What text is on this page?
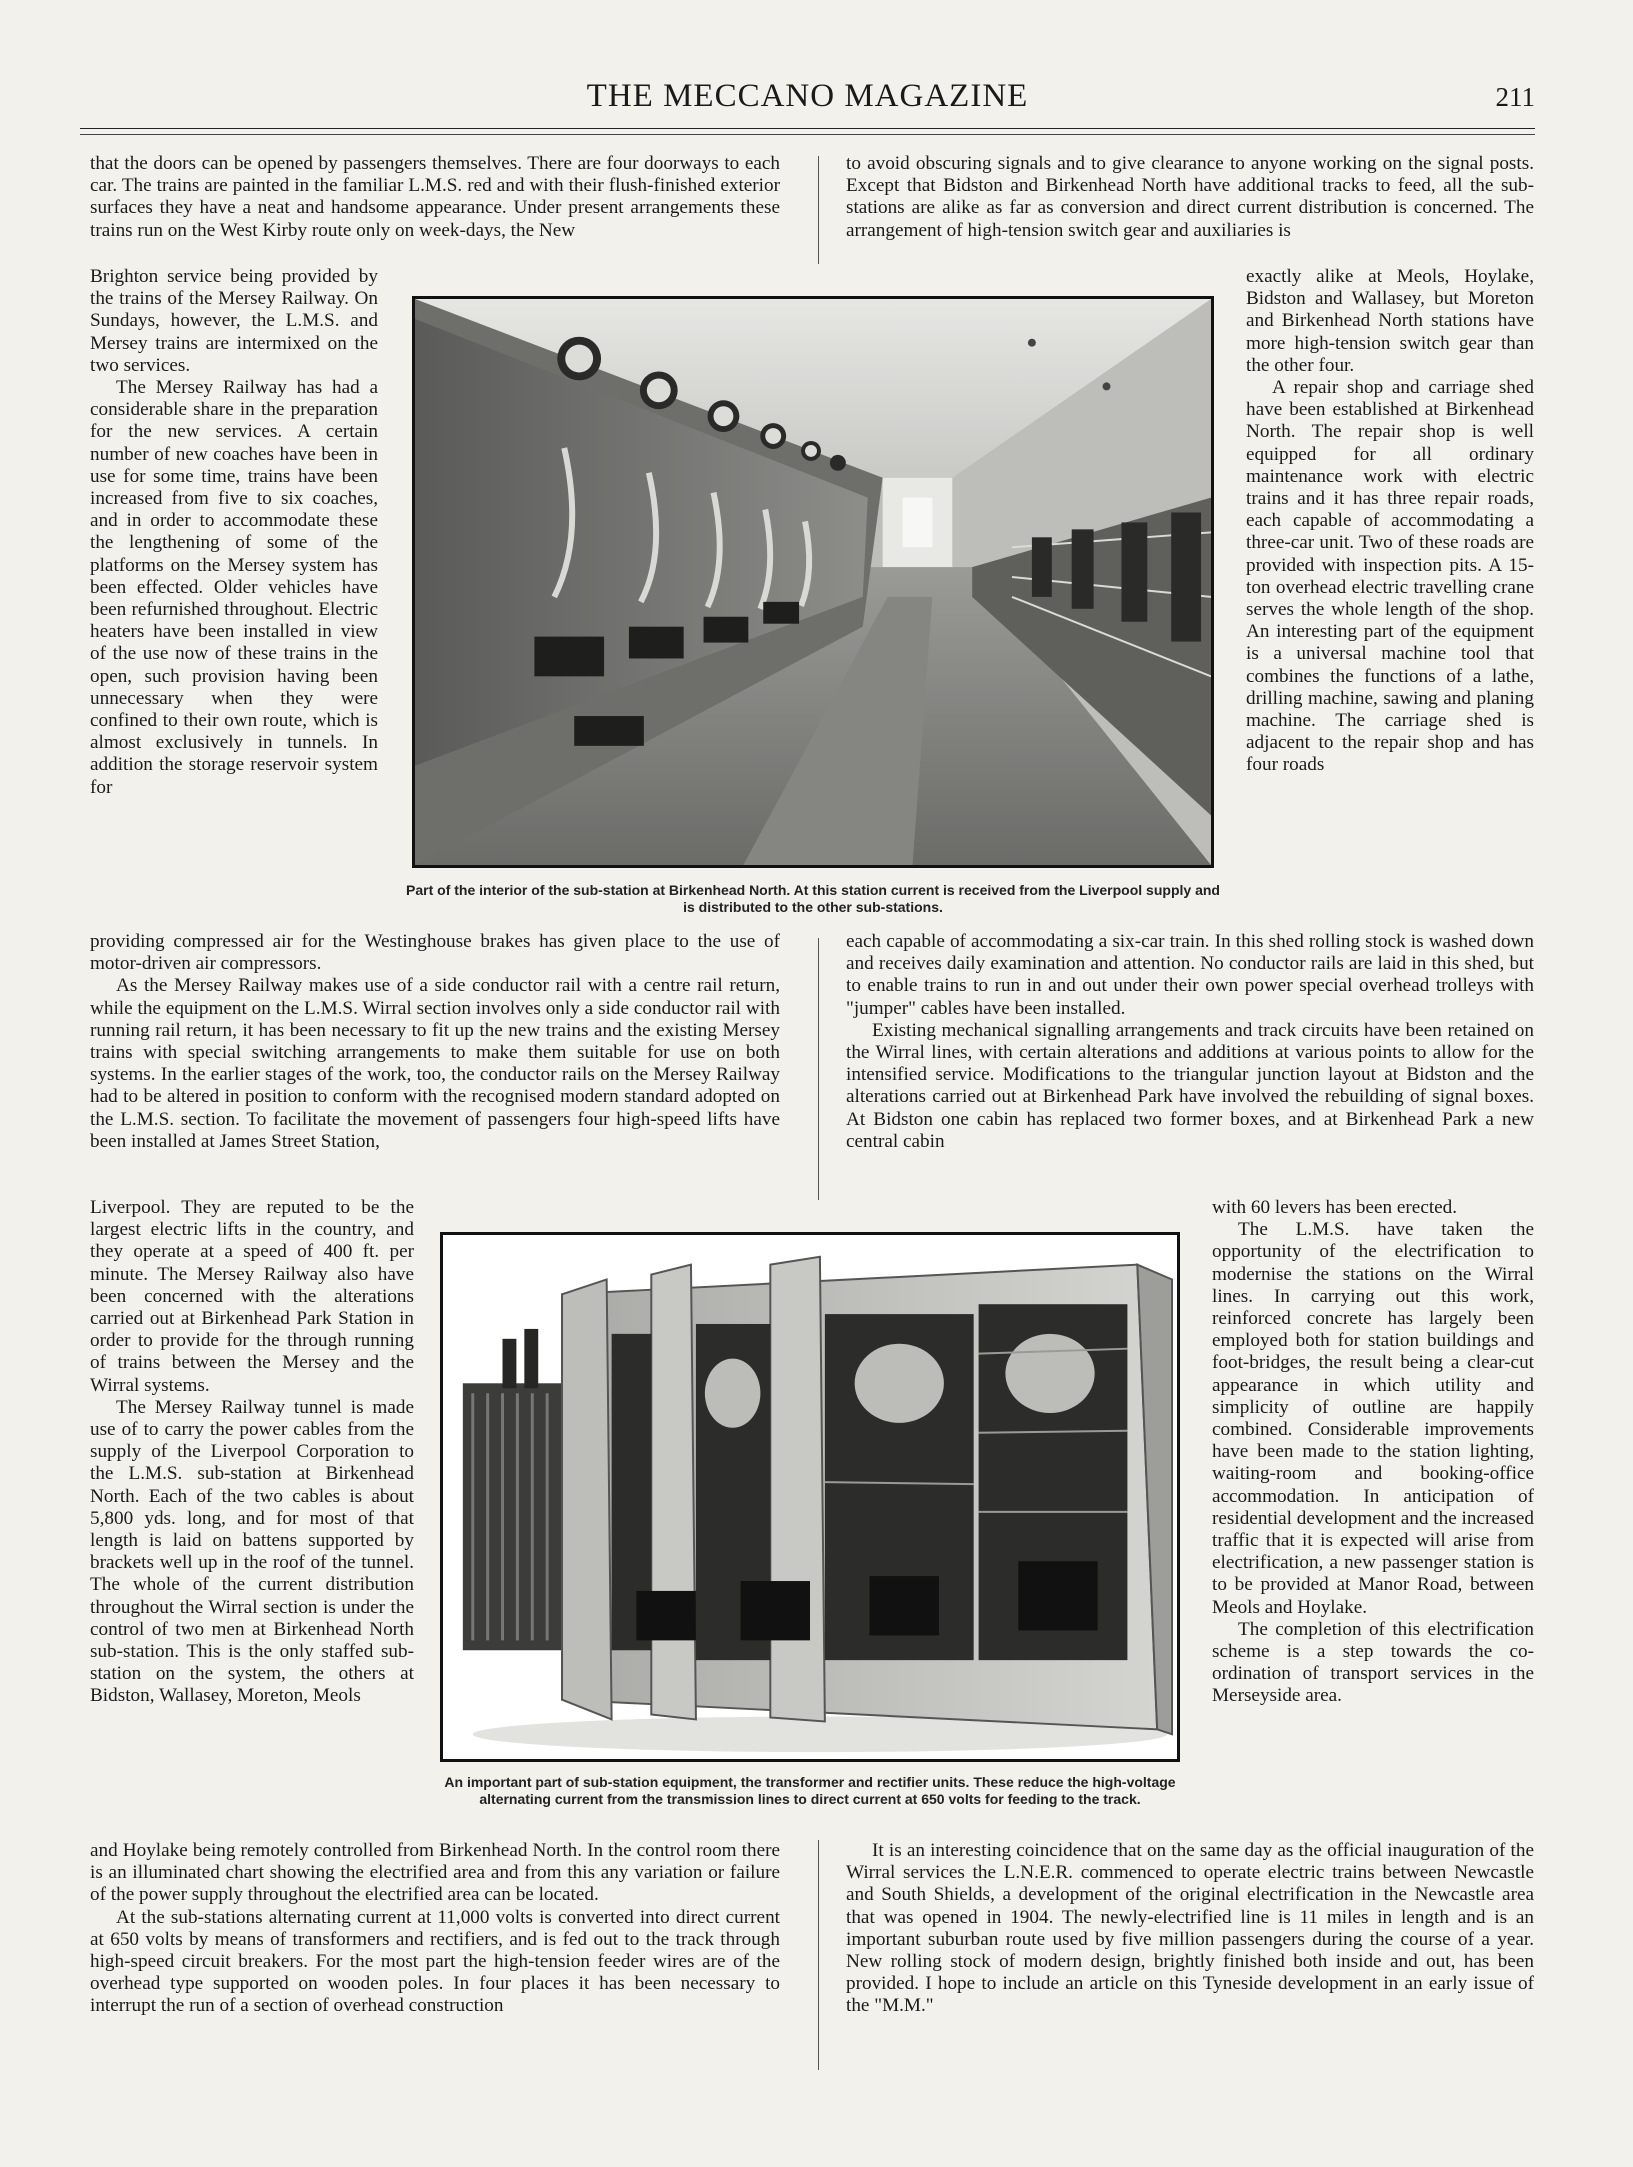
THE MECCANO MAGAZINE	211

that the doors can be opened by passengers themselves. There are four doorways to each car. The trains are painted in the familiar L.M.S. red and with their flush-finished exterior surfaces they have a neat and handsome appearance. Under present arrangements these trains run on the West Kirby route only on week-days, the New

Brighton service being provided by the trains of the Mersey Railway. On Sundays, however, the L.M.S. and Mersey trains are intermixed on the two services.

The Mersey Railway has had a considerable share in the preparation for the new services. A certain number of new coaches have been in use for some time, trains have been increased from five to six coaches, and in order to accommodate these the lengthening of some of the platforms on the Mersey system has been effected. Older vehicles have been refurnished throughout. Electric heaters have been installed in view of the use now of these trains in the open, such provision having been unnecessary when they were confined to their own route, which is almost exclusively in tunnels. In addition the storage reservoir system for

providing compressed air for the Westinghouse brakes has given place to the use of motor-driven air compressors.

As the Mersey Railway makes use of a side conductor rail with a centre rail return, while the equipment on the L.M.S. Wirral section involves only a side conductor rail with running rail return, it has been necessary to fit up the new trains and the existing Mersey trains with special switching arrangements to make them suitable for use on both systems. In the earlier stages of the work, too, the conductor rails on the Mersey Railway had to be altered in position to conform with the recognised modern standard adopted on the L.M.S. section. To facilitate the movement of passengers four high-speed lifts have been installed at James Street Station,

Liverpool. They are reputed to be the largest electric lifts in the country, and they operate at a speed of 400 ft. per minute. The Mersey Railway also have been concerned with the alterations carried out at Birkenhead Park Station in order to provide for the through running of trains between the Mersey and the Wirral systems.

The Mersey Railway tunnel is made use of to carry the power cables from the supply of the Liverpool Corporation to the L.M.S. sub-station at Birkenhead North. Each of the two cables is about 5,800 yds. long, and for most of that length is laid on battens supported by brackets well up in the roof of the tunnel. The whole of the current distribution throughout the Wirral section is under the control of two men at Birkenhead North sub-station. This is the only staffed sub-station on the system, the others at Bidston, Wallasey, Moreton, Meols

and Hoylake being remotely controlled from Birkenhead North. In the control room there is an illuminated chart showing the electrified area and from this any variation or failure of the power supply throughout the electrified area can be located.

At the sub-stations alternating current at 11,000 volts is converted into direct current at 650 volts by means of transformers and rectifiers, and is fed out to the track through high-speed circuit breakers. For the most part the high-tension feeder wires are of the overhead type supported on wooden poles. In four places it has been necessary to interrupt the run of a section of overhead construction

to avoid obscuring signals and to give clearance to anyone working on the signal posts. Except that Bidston and Birkenhead North have additional tracks to feed, all the sub-stations are alike as far as conversion and direct current distribution is concerned. The arrangement of high-tension switch gear and auxiliaries is

exactly alike at Meols, Hoylake, Bidston and Wallasey, but Moreton and Birkenhead North stations have more high-tension switch gear than the other four.

A repair shop and carriage shed have been established at Birkenhead North. The repair shop is well equipped for all ordinary maintenance work with electric trains and it has three repair roads, each capable of accommodating a three-car unit. Two of these roads are provided with inspection pits. A 15-ton overhead electric travelling crane serves the whole length of the shop. An interesting part of the equipment is a universal machine tool that combines the functions of a lathe, drilling machine, sawing and planing machine. The carriage shed is adjacent to the repair shop and has four roads

each capable of accommodating a six-car train. In this shed rolling stock is washed down and receives daily examination and attention. No conductor rails are laid in this shed, but to enable trains to run in and out under their own power special overhead trolleys with "jumper" cables have been installed.

Existing mechanical signalling arrangements and track circuits have been retained on the Wirral lines, with certain alterations and additions at various points to allow for the intensified service. Modifications to the triangular junction layout at Bidston and the alterations carried out at Birkenhead Park have involved the rebuilding of signal boxes. At Bidston one cabin has replaced two former boxes, and at Birkenhead Park a new central cabin

with 60 levers has been erected.

The L.M.S. have taken the opportunity of the electrification to modernise the stations on the Wirral lines. In carrying out this work, reinforced concrete has largely been employed both for station buildings and foot-bridges, the result being a clear-cut appearance in which utility and simplicity of outline are happily combined. Considerable improvements have been made to the station lighting, waiting-room and booking-office accommodation. In anticipation of residential development and the increased traffic that it is expected will arise from electrification, a new passenger station is to be provided at Manor Road, between Meols and Hoylake.

The completion of this electrification scheme is a step towards the co-ordination of transport services in the Merseyside area.

It is an interesting coincidence that on the same day as the official inauguration of the Wirral services the L.N.E.R. commenced to operate electric trains between Newcastle and South Shields, a development of the original electrification in the Newcastle area that was opened in 1904. The newly-electrified line is 11 miles in length and is an important suburban route used by five million passengers during the course of a year. New rolling stock of modern design, brightly finished both inside and out, has been provided. I hope to include an article on this Tyneside development in an early issue of the "M.M."

Part of the interior of the sub-station at Birkenhead North. At this station current is received from the Liverpool supply and is distributed to the other sub-stations.
An important part of sub-station equipment, the transformer and rectifier units. These reduce the high-voltage alternating current from the transmission lines to direct current at 650 volts for feeding to the track.
